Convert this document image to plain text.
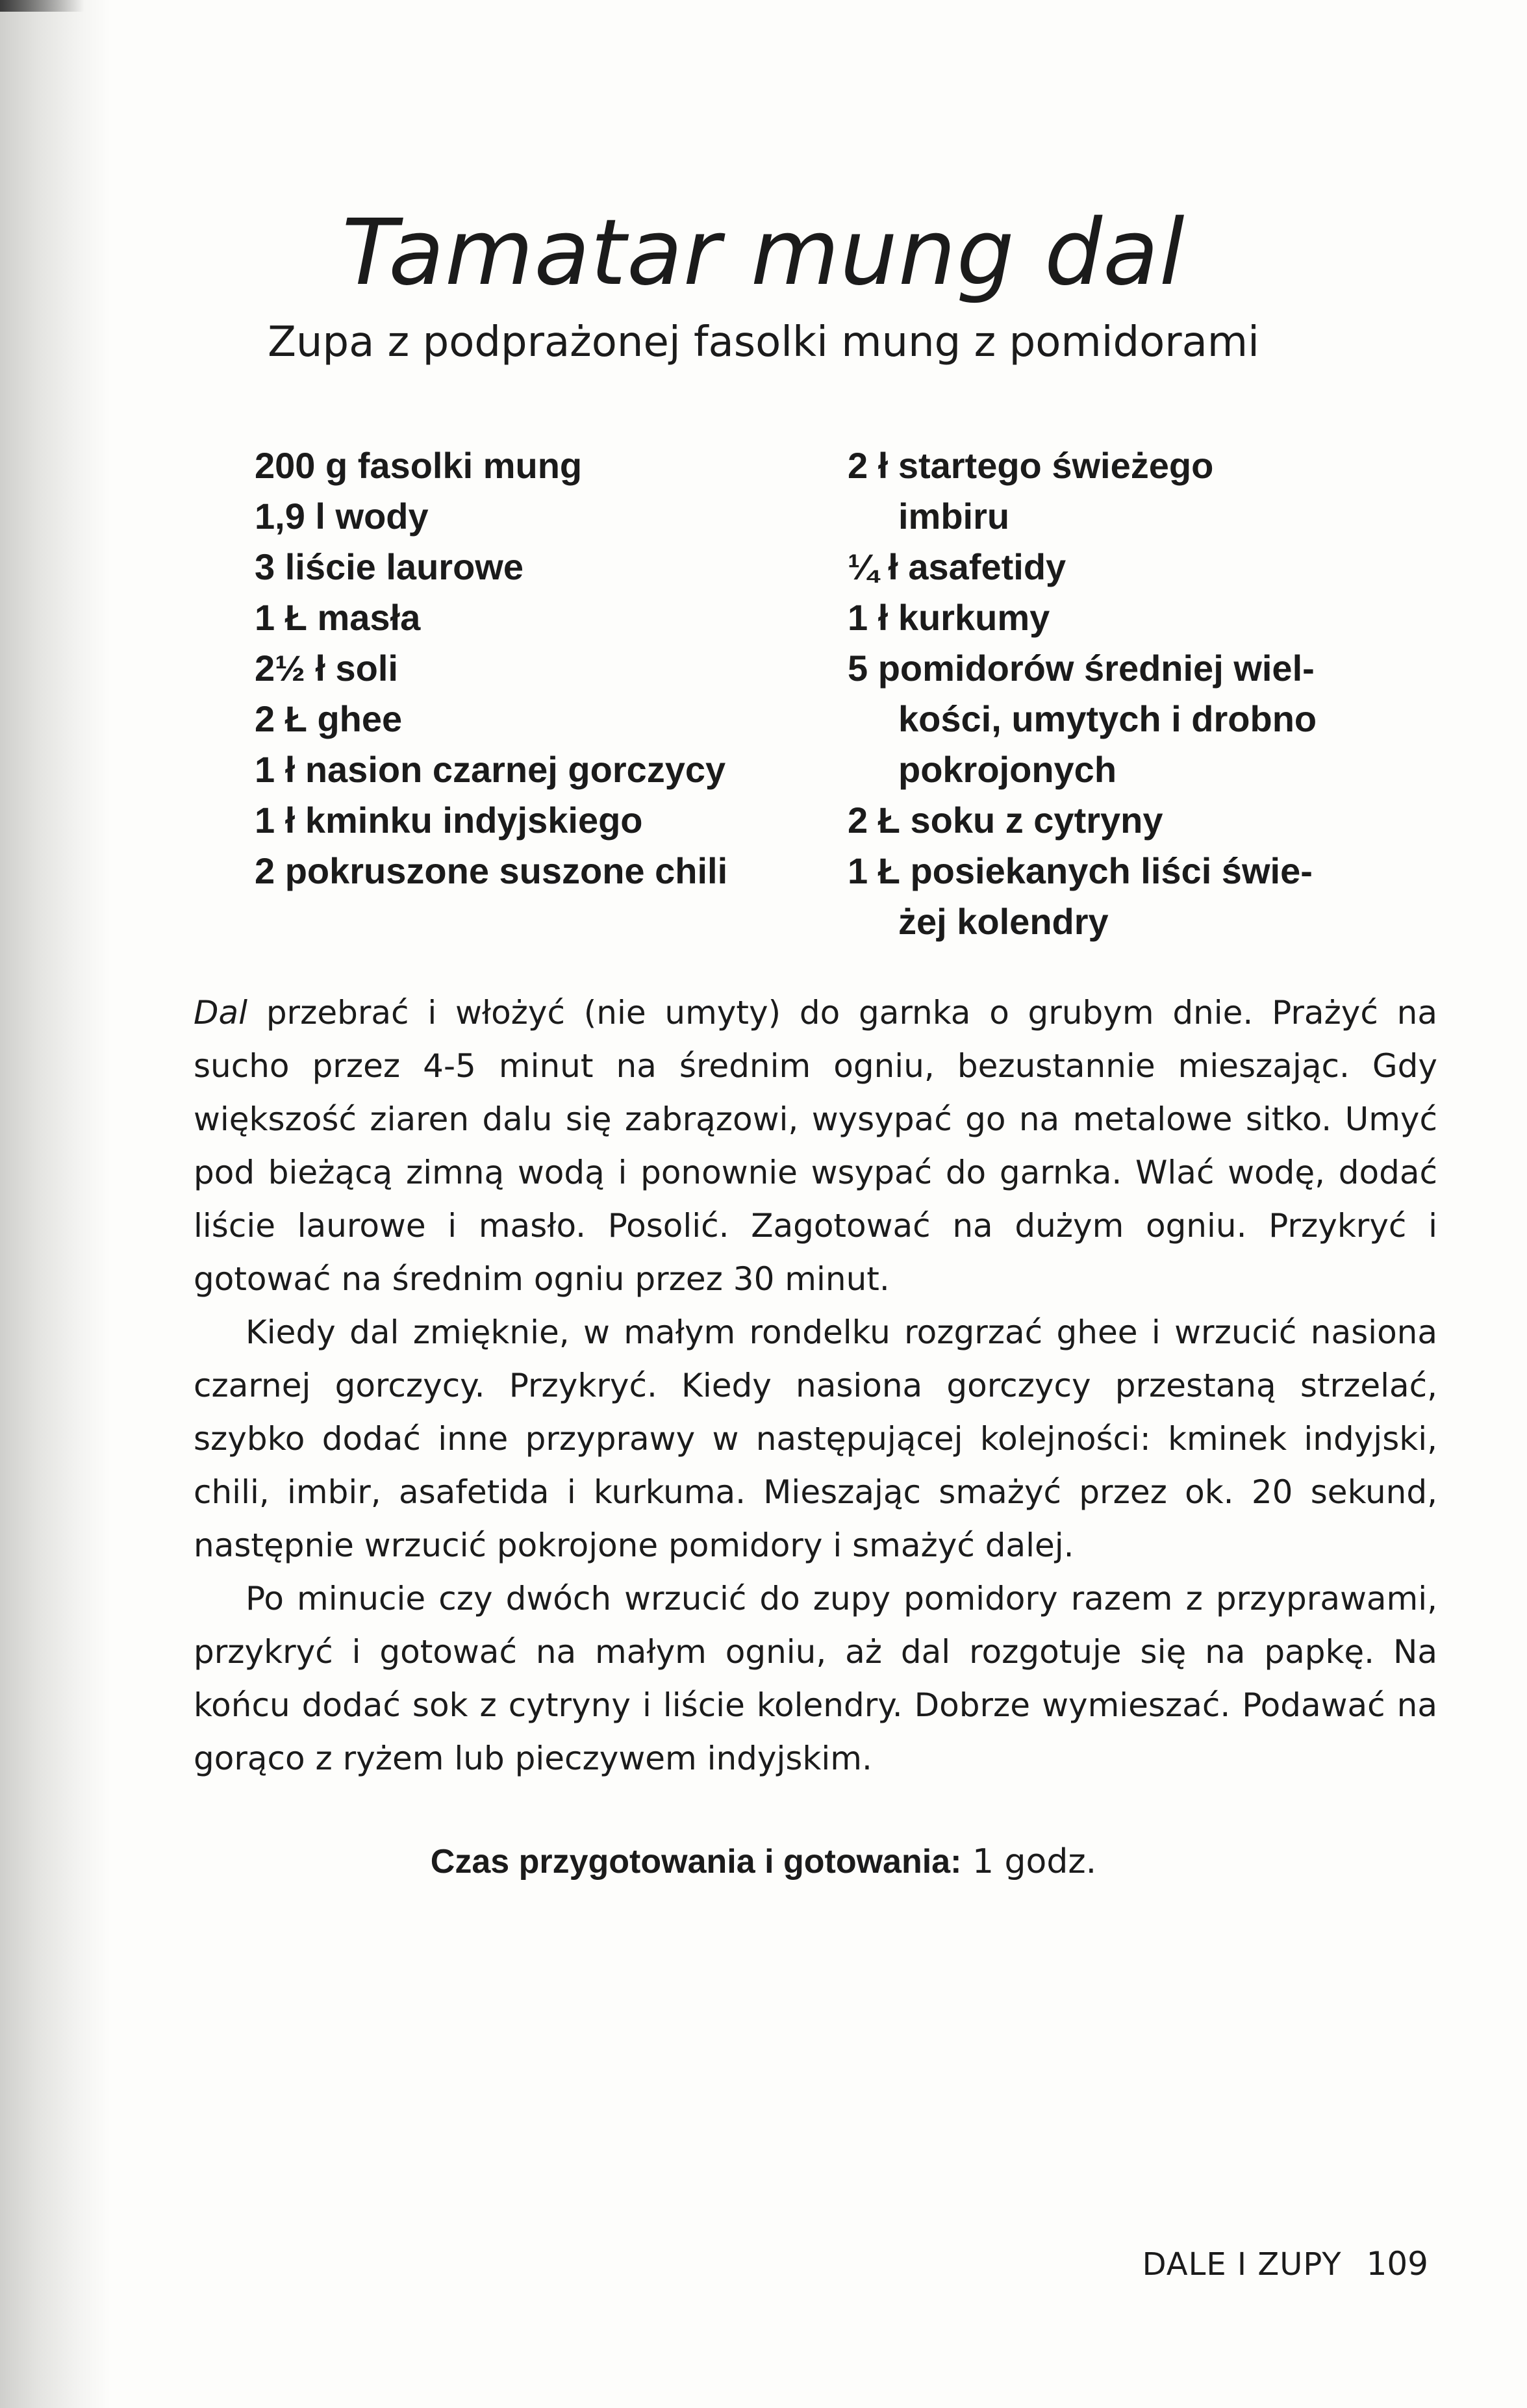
Tamatar mung dal
Zupa z podprażonej fasolki mung z pomidorami
200 g fasolki mung
1,9 l wody
3 liście laurowe
1 Ł masła
2½ ł soli
2 Ł ghee
1 ł nasion czarnej gorczycy
1 ł kminku indyjskiego
2 pokruszone suszone chili
2 ł startego świeżego
imbiru
¼ ł asafetidy
1 ł kurkumy
5 pomidorów średniej wiel-
kości, umytych i drobno
pokrojonych
2 Ł soku z cytryny
1 Ł posiekanych liści świe-
żej kolendry

Dal przebrać i włożyć (nie umyty) do garnka o grubym dnie. Prażyć na sucho przez 4-5 minut na średnim ogniu, bezustannie mieszając. Gdy większość ziaren dalu się zabrązowi, wysypać go na metalowe sitko. Umyć pod bieżącą zimną wodą i ponownie wsypać do garnka. Wlać wodę, dodać liście laurowe i masło. Posolić. Zagotować na dużym ogniu. Przykryć i gotować na średnim ogniu przez 30 minut.

Kiedy dal zmięknie, w małym rondelku rozgrzać ghee i wrzucić nasiona czarnej gorczycy. Przykryć. Kiedy nasiona gorczycy przestaną strzelać, szybko dodać inne przyprawy w następującej kolejności: kminek indyjski, chili, imbir, asafetida i kurkuma. Mieszając smażyć przez ok. 20 sekund, następnie wrzucić pokrojone pomidory i smażyć dalej.

Po minucie czy dwóch wrzucić do zupy pomidory razem z przyprawami, przykryć i gotować na małym ogniu, aż dal rozgotuje się na papkę. Na końcu dodać sok z cytryny i liście kolendry. Dobrze wymieszać. Podawać na gorąco z ryżem lub pieczywem indyjskim.

Czas przygotowania i gotowania: 1 godz.
DALE I ZUPY 109
